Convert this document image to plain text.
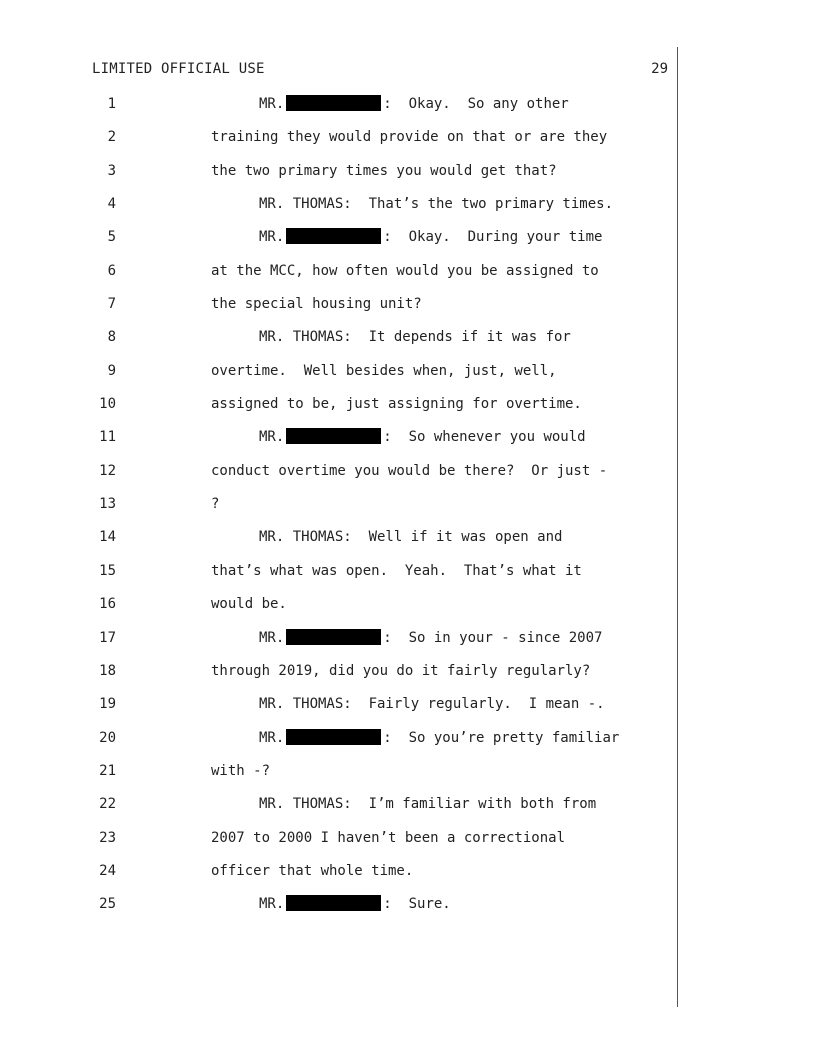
LIMITED OFFICIAL USE	29
1	MR.	:  Okay.  So any other
2	training they would provide on that or are they
3	the two primary times you would get that?
4	MR. THOMAS:  That’s the two primary times.
5	MR.	:  Okay.  During your time
6	at the MCC, how often would you be assigned to
7	the special housing unit?
8	MR. THOMAS:  It depends if it was for
9	overtime.  Well besides when, just, well,
10	assigned to be, just assigning for overtime.
11	MR.	:  So whenever you would
12	conduct overtime you would be there?  Or just -
13	?
14	MR. THOMAS:  Well if it was open and
15	that’s what was open.  Yeah.  That’s what it
16	would be.
17	MR.	:  So in your - since 2007
18	through 2019, did you do it fairly regularly?
19	MR. THOMAS:  Fairly regularly.  I mean -.
20	MR.	:  So you’re pretty familiar
21	with -?
22	MR. THOMAS:  I’m familiar with both from
23	2007 to 2000 I haven’t been a correctional
24	officer that whole time.
25	MR.	:  Sure.
